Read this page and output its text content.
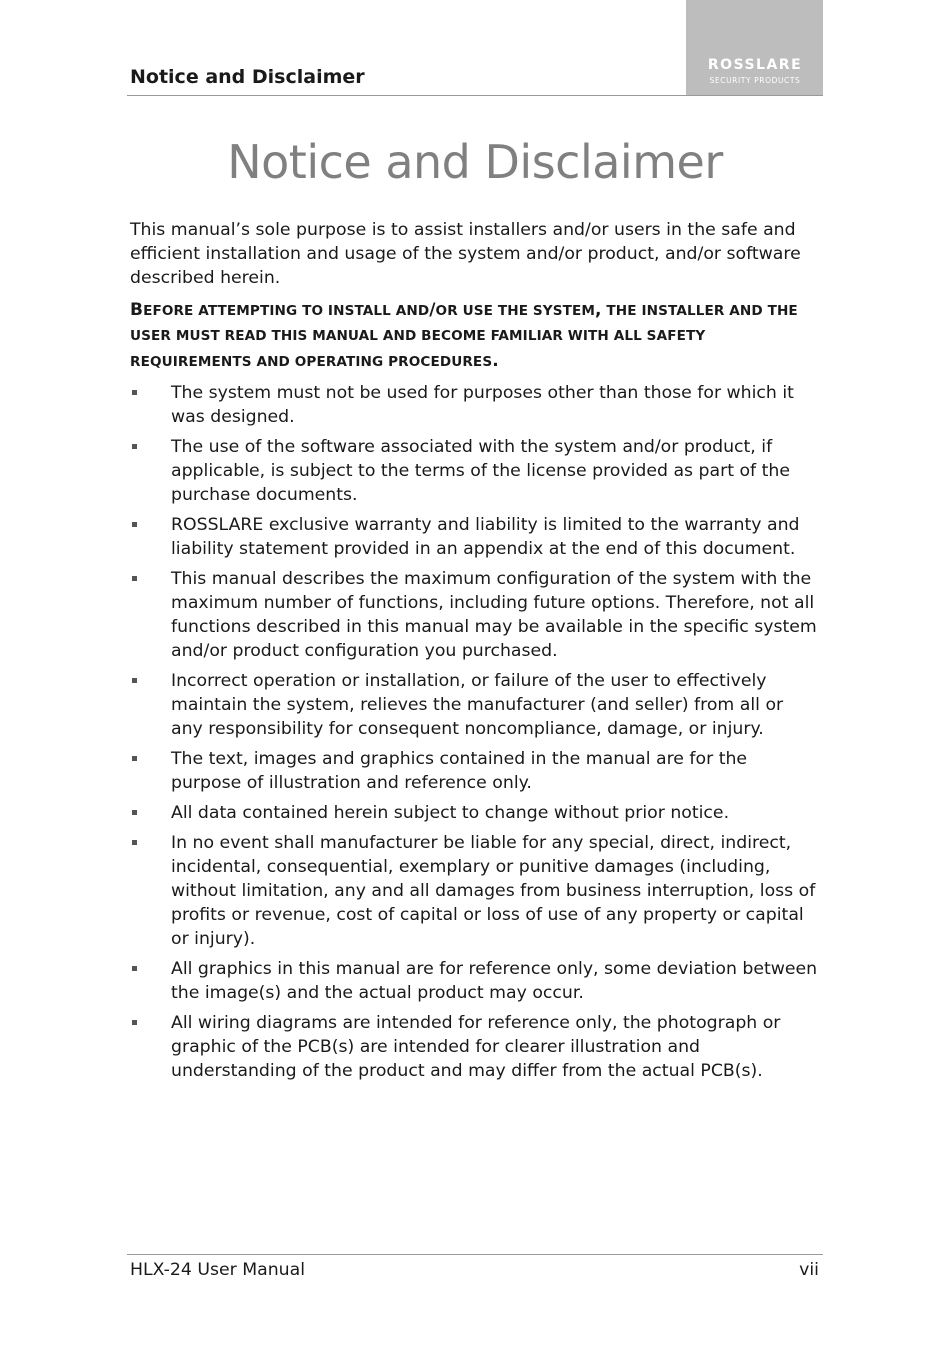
ROSSLARE
SECURITY PRODUCTS
Notice and Disclaimer
Notice and Disclaimer

This manual’s sole purpose is to assist installers and/or users in the safe and efficient installation and usage of the system and/or product, and/or software described herein.

BEFORE ATTEMPTING TO INSTALL AND/OR USE THE SYSTEM, THE INSTALLER AND THE USER MUST READ THIS MANUAL AND BECOME FAMILIAR WITH ALL SAFETY REQUIREMENTS AND OPERATING PROCEDURES.

The system must not be used for purposes other than those for which it was designed.
The use of the software associated with the system and/or product, if applicable, is subject to the terms of the license provided as part of the purchase documents.
ROSSLARE exclusive warranty and liability is limited to the warranty and liability statement provided in an appendix at the end of this document.
This manual describes the maximum configuration of the system with the maximum number of functions, including future options. Therefore, not all functions described in this manual may be available in the specific system and/or product configuration you purchased.
Incorrect operation or installation, or failure of the user to effectively maintain the system, relieves the manufacturer (and seller) from all or any responsibility for consequent noncompliance, damage, or injury.
The text, images and graphics contained in the manual are for the purpose of illustration and reference only.
All data contained herein subject to change without prior notice.
In no event shall manufacturer be liable for any special, direct, indirect, incidental, consequential, exemplary or punitive damages (including, without limitation, any and all damages from business interruption, loss of profits or revenue, cost of capital or loss of use of any property or capital or injury).
All graphics in this manual are for reference only, some deviation between the image(s) and the actual product may occur.
All wiring diagrams are intended for reference only, the photograph or graphic of the PCB(s) are intended for clearer illustration and understanding of the product and may differ from the actual PCB(s).
HLX-24 User Manual	vii
